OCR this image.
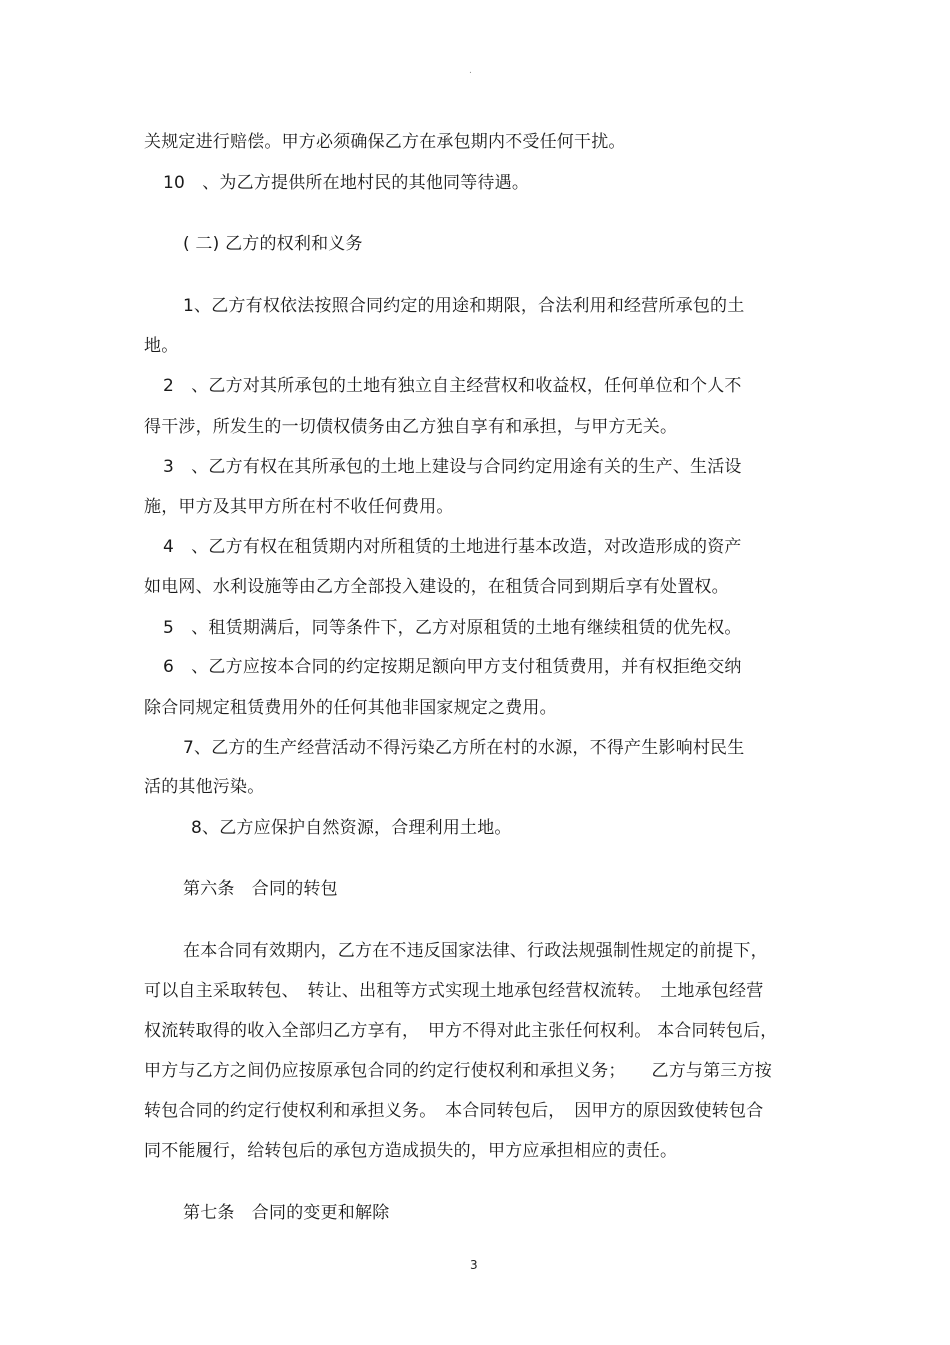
.
关规定进行赔偿。甲方必须确保乙方在承包期内不受任何干扰。
10　、为乙方提供所在地村民的其他同等待遇。
( 二) 乙方的权利和义务
1、乙方有权依法按照合同约定的用途和期限，合法利用和经营所承包的土
地。
2　、乙方对其所承包的土地有独立自主经营权和收益权，任何单位和个人不
得干涉，所发生的一切债权债务由乙方独自享有和承担，与甲方无关。
3　、乙方有权在其所承包的土地上建设与合同约定用途有关的生产、生活设
施，甲方及其甲方所在村不收任何费用。
4　、乙方有权在租赁期内对所租赁的土地进行基本改造，对改造形成的资产
如电网、水利设施等由乙方全部投入建设的，在租赁合同到期后享有处置权。
5　、租赁期满后，同等条件下，乙方对原租赁的土地有继续租赁的优先权。
6　、乙方应按本合同的约定按期足额向甲方支付租赁费用，并有权拒绝交纳
除合同规定租赁费用外的任何其他非国家规定之费用。
7、乙方的生产经营活动不得污染乙方所在村的水源，不得产生影响村民生
活的其他污染。
8、乙方应保护自然资源，合理利用土地。
第六条　合同的转包
在本合同有效期内，乙方在不违反国家法律、行政法规强制性规定的前提下，
可以自主采取转包、　转让、出租等方式实现土地承包经营权流转。　土地承包经营
权流转取得的收入全部归乙方享有，　甲方不得对此主张任何权利。 本合同转包后，
甲方与乙方之间仍应按原承包合同的约定行使权利和承担义务；　　乙方与第三方按
转包合同的约定行使权利和承担义务。　本合同转包后，　因甲方的原因致使转包合
同不能履行，给转包后的承包方造成损失的，甲方应承担相应的责任。
第七条　合同的变更和解除
3
